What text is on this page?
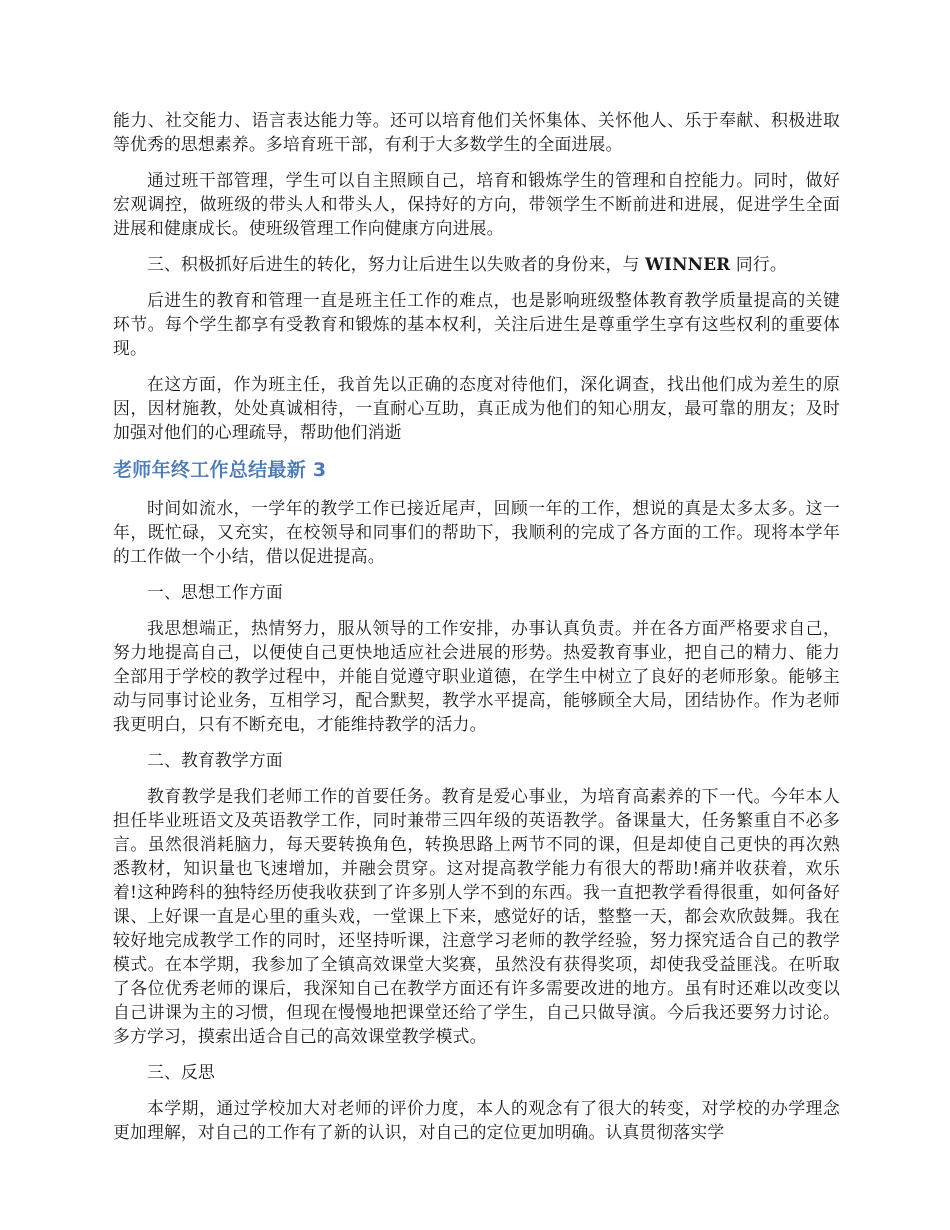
能力、社交能力、语言表达能力等。还可以培育他们关怀集体、关怀他人、乐于奉献、积极进取等优秀的思想素养。多培育班干部，有利于大多数学生的全面进展。

通过班干部管理，学生可以自主照顾自己，培育和锻炼学生的管理和自控能力。同时，做好宏观调控，做班级的带头人和带头人，保持好的方向，带领学生不断前进和进展，促进学生全面进展和健康成长。使班级管理工作向健康方向进展。

三、积极抓好后进生的转化，努力让后进生以失败者的身份来，与 WINNER 同行。

后进生的教育和管理一直是班主任工作的难点，也是影响班级整体教育教学质量提高的关键环节。每个学生都享有受教育和锻炼的基本权利，关注后进生是尊重学生享有这些权利的重要体现。

在这方面，作为班主任，我首先以正确的态度对待他们，深化调查，找出他们成为差生的原因，因材施教，处处真诚相待，一直耐心互助，真正成为他们的知心朋友，最可靠的朋友；及时加强对他们的心理疏导，帮助他们消逝

老师年终工作总结最新 3

时间如流水，一学年的教学工作已接近尾声，回顾一年的工作，想说的真是太多太多。这一年，既忙碌，又充实，在校领导和同事们的帮助下，我顺利的完成了各方面的工作。现将本学年的工作做一个小结，借以促进提高。

一、思想工作方面

我思想端正，热情努力，服从领导的工作安排，办事认真负责。并在各方面严格要求自己，努力地提高自己，以便使自己更快地适应社会进展的形势。热爱教育事业，把自己的精力、能力全部用于学校的教学过程中，并能自觉遵守职业道德，在学生中树立了良好的老师形象。能够主动与同事讨论业务，互相学习，配合默契，教学水平提高，能够顾全大局，团结协作。作为老师我更明白，只有不断充电，才能维持教学的活力。

二、教育教学方面

教育教学是我们老师工作的首要任务。教育是爱心事业，为培育高素养的下一代。今年本人担任毕业班语文及英语教学工作，同时兼带三四年级的英语教学。备课量大，任务繁重自不必多言。虽然很消耗脑力，每天要转换角色，转换思路上两节不同的课，但是却使自己更快的再次熟悉教材，知识量也飞速增加，并融会贯穿。这对提高教学能力有很大的帮助!痛并收获着，欢乐着!这种跨科的独特经历使我收获到了许多别人学不到的东西。我一直把教学看得很重，如何备好课、上好课一直是心里的重头戏，一堂课上下来，感觉好的话，整整一天，都会欢欣鼓舞。我在较好地完成教学工作的同时，还坚持听课，注意学习老师的教学经验，努力探究适合自己的教学模式。在本学期，我参加了全镇高效课堂大奖赛，虽然没有获得奖项，却使我受益匪浅。在听取了各位优秀老师的课后，我深知自己在教学方面还有许多需要改进的地方。虽有时还难以改变以自己讲课为主的习惯，但现在慢慢地把课堂还给了学生，自己只做导演。今后我还要努力讨论。多方学习，摸索出适合自己的高效课堂教学模式。

三、反思

本学期，通过学校加大对老师的评价力度，本人的观念有了很大的转变，对学校的办学理念更加理解，对自己的工作有了新的认识，对自己的定位更加明确。认真贯彻落实学
